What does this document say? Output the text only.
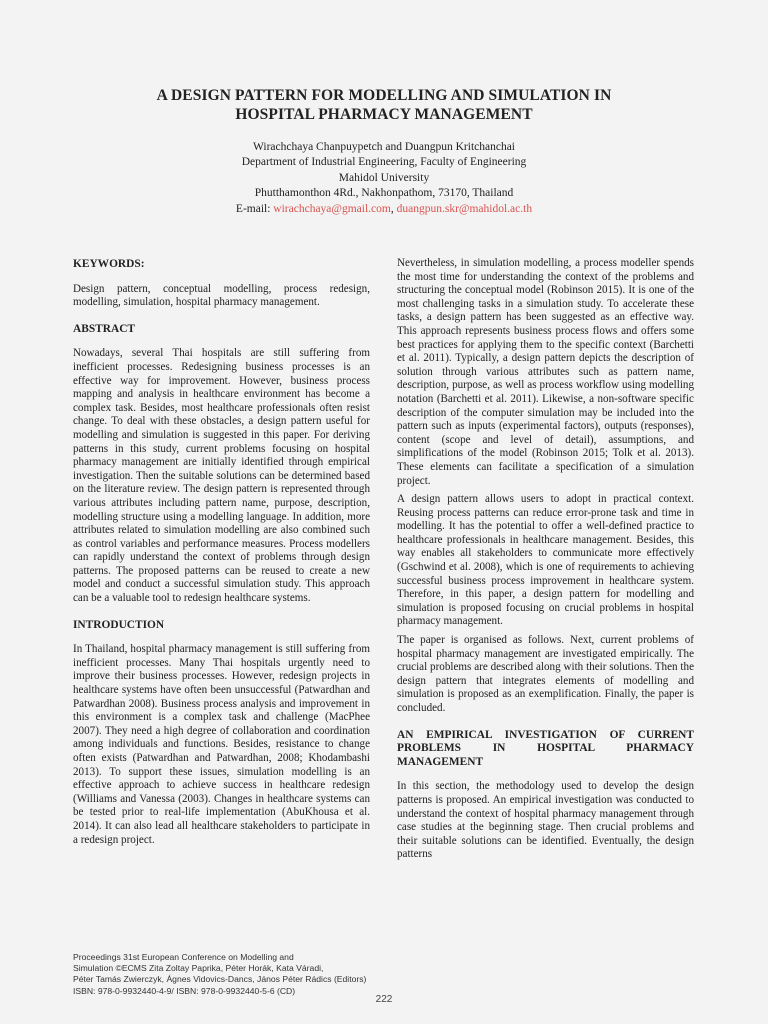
A DESIGN PATTERN FOR MODELLING AND SIMULATION IN
HOSPITAL PHARMACY MANAGEMENT
Wirachchaya Chanpuypetch and Duangpun Kritchanchai
Department of Industrial Engineering, Faculty of Engineering
Mahidol University
Phutthamonthon 4Rd., Nakhonpathom, 73170, Thailand
E-mail: wirachchaya@gmail.com, duangpun.skr@mahidol.ac.th
KEYWORDS:

Design pattern, conceptual modelling, process redesign, modelling, simulation, hospital pharmacy management.

ABSTRACT

Nowadays, several Thai hospitals are still suffering from inefficient processes. Redesigning business processes is an effective way for improvement. However, business process mapping and analysis in healthcare environment has become a complex task. Besides, most healthcare professionals often resist change. To deal with these obstacles, a design pattern useful for modelling and simulation is suggested in this paper. For deriving patterns in this study, current problems focusing on hospital pharmacy management are initially identified through empirical investigation. Then the suitable solutions can be determined based on the literature review. The design pattern is represented through various attributes including pattern name, purpose, description, modelling structure using a modelling language. In addition, more attributes related to simulation modelling are also combined such as control variables and performance measures. Process modellers can rapidly understand the context of problems through design patterns. The proposed patterns can be reused to create a new model and conduct a successful simulation study. This approach can be a valuable tool to redesign healthcare systems.

INTRODUCTION

In Thailand, hospital pharmacy management is still suffering from inefficient processes. Many Thai hospitals urgently need to improve their business processes. However, redesign projects in healthcare systems have often been unsuccessful (Patwardhan and Patwardhan 2008). Business process analysis and improvement in this environment is a complex task and challenge (MacPhee 2007). They need a high degree of collaboration and coordination among individuals and functions. Besides, resistance to change often exists (Patwardhan and Patwardhan, 2008; Khodambashi 2013). To support these issues, simulation modelling is an effective approach to achieve success in healthcare redesign (Williams and Vanessa (2003). Changes in healthcare systems can be tested prior to real-life implementation (AbuKhousa et al. 2014). It can also lead all healthcare stakeholders to participate in a redesign project.

Nevertheless, in simulation modelling, a process modeller spends the most time for understanding the context of the problems and structuring the conceptual model (Robinson 2015). It is one of the most challenging tasks in a simulation study. To accelerate these tasks, a design pattern has been suggested as an effective way. This approach represents business process flows and offers some best practices for applying them to the specific context (Barchetti et al. 2011). Typically, a design pattern depicts the description of solution through various attributes such as pattern name, description, purpose, as well as process workflow using modelling notation (Barchetti et al. 2011). Likewise, a non-software specific description of the computer simulation may be included into the pattern such as inputs (experimental factors), outputs (responses), content (scope and level of detail), assumptions, and simplifications of the model (Robinson 2015; Tolk et al. 2013). These elements can facilitate a specification of a simulation project.

A design pattern allows users to adopt in practical context. Reusing process patterns can reduce error-prone task and time in modelling. It has the potential to offer a well-defined practice to healthcare professionals in healthcare management. Besides, this way enables all stakeholders to communicate more effectively (Gschwind et al. 2008), which is one of requirements to achieving successful business process improvement in healthcare system. Therefore, in this paper, a design pattern for modelling and simulation is proposed focusing on crucial problems in hospital pharmacy management.

The paper is organised as follows. Next, current problems of hospital pharmacy management are investigated empirically. The crucial problems are described along with their solutions. Then the design pattern that integrates elements of modelling and simulation is proposed as an exemplification. Finally, the paper is concluded.

AN EMPIRICAL INVESTIGATION OF CURRENT PROBLEMS IN HOSPITAL PHARMACY MANAGEMENT

In this section, the methodology used to develop the design patterns is proposed. An empirical investigation was conducted to understand the context of hospital pharmacy management through case studies at the beginning stage. Then crucial problems and their suitable solutions can be identified. Eventually, the design patterns

Proceedings 31st European Conference on Modelling and
Simulation ©ECMS Zita Zoltay Paprika, Péter Horák, Kata Váradi,
Péter Tamás Zwierczyk, Ágnes Vidovics-Dancs, János Péter Rádics (Editors)
ISBN: 978-0-9932440-4-9/ ISBN: 978-0-9932440-5-6 (CD)
222
